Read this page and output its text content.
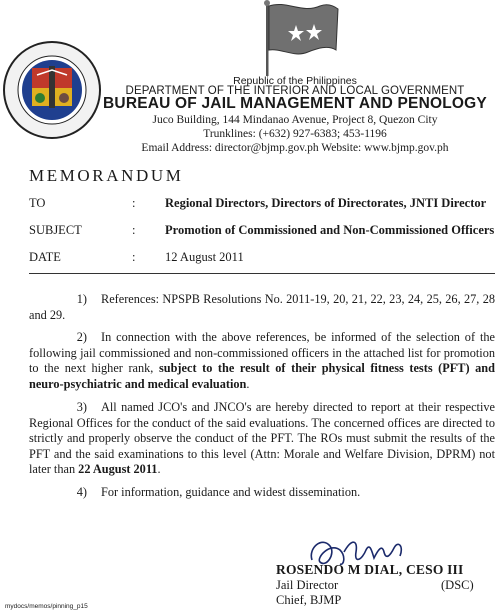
Republic of the Philippines
DEPARTMENT OF THE INTERIOR AND LOCAL GOVERNMENT
BUREAU OF JAIL MANAGEMENT AND PENOLOGY
Juco Building, 144 Mindanao Avenue, Project 8, Quezon City
Trunklines: (+632) 927-6383; 453-1196
Email Address: director@bjmp.gov.ph Website: www.bjmp.gov.ph
MEMORANDUM
TO	: Regional Directors, Directors of Directorates, JNTI Director
SUBJECT	: Promotion of Commissioned and Non-Commissioned Officers
DATE	: 12 August 2011
1) References: NPSPB Resolutions No. 2011-19, 20, 21, 22, 23, 24, 25, 26, 27, 28 and 29.
2) In connection with the above references, be informed of the selection of the following jail commissioned and non-commissioned officers in the attached list for promotion to the next higher rank, subject to the result of their physical fitness tests (PFT) and neuro-psychiatric and medical evaluation.
3) All named JCO's and JNCO's are hereby directed to report at their respective Regional Offices for the conduct of the said evaluations. The concerned offices are directed to strictly and properly observe the conduct of the PFT. The ROs must submit the results of the PFT and the said examinations to this level (Attn: Morale and Welfare Division, DPRM) not later than 22 August 2011.
4) For information, guidance and widest dissemination.
ROSENDO M DIAL, CESO III
Jail Director	(DSC)
Chief, BJMP
mydocs/memos/pinning_p15
